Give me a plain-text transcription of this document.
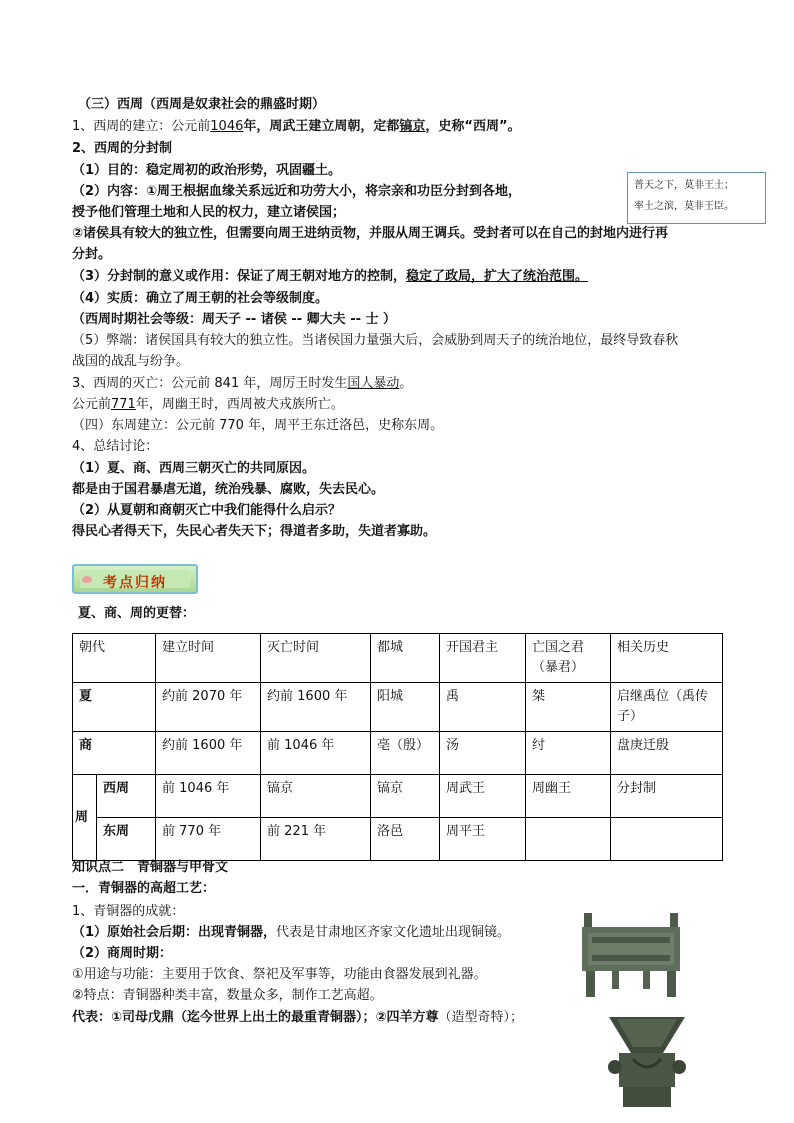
（三）西周（西周是奴隶社会的鼎盛时期）
1、西周的建立：公元前1046年，周武王建立周朝，定都镐京，史称“西周”。
2、西周的分封制
（1）目的：稳定周初的政治形势，巩固疆土。
（2）内容：①周王根据血缘关系远近和功劳大小，将宗亲和功臣分封到各地，
授予他们管理土地和人民的权力，建立诸侯国；
②诸侯具有较大的独立性，但需要向周王进纳贡物，并服从周王调兵。受封者可以在自己的封地内进行再
分封。
（3）分封制的意义或作用：保证了周王朝对地方的控制，稳定了政局，扩大了统治范围。
（4）实质：确立了周王朝的社会等级制度。
（西周时期社会等级：周天子 -- 诸侯 -- 卿大夫 -- 士 ）
（5）弊端：诸侯国具有较大的独立性。当诸侯国力量强大后，会威胁到周天子的统治地位，最终导致春秋
战国的战乱与纷争。
3、西周的灭亡：公元前 841 年，周厉王时发生国人暴动。
公元前771年，周幽王时，西周被犬戎族所亡。
（四）东周建立：公元前 770 年，周平王东迁洛邑，史称东周。
4、总结讨论：
（1）夏、商、西周三朝灭亡的共同原因。
都是由于国君暴虐无道，统治残暴、腐败，失去民心。
（2）从夏朝和商朝灭亡中我们能得什么启示？
得民心者得天下，失民心者失天下；得道者多助，失道者寡助。
普天之下，莫非王土；
率土之滨，莫非王臣。
考点归纳
夏、商、周的更替：
朝代		建立时间	灭亡时间	都城	开国君主	亡国之君（暴君）	相关历史
夏		约前 2070 年	约前 1600 年	阳城	禹	桀	启继禹位（禹传子）
商		约前 1600 年	前 1046 年	亳（殷）	汤	纣	盘庚迁殷
周	西周	前 1046 年	镐京	镐京	周武王	周幽王	分封制
	东周	前 770 年	前 221 年	洛邑	周平王		
知识点二　青铜器与甲骨文
一．青铜器的高超工艺：
1、青铜器的成就：
（1）原始社会后期：出现青铜器，代表是甘肃地区齐家文化遗址出现铜镜。
（2）商周时期：
①用途与功能：主要用于饮食、祭祀及军事等，功能由食器发展到礼器。
②特点：青铜器种类丰富，数量众多，制作工艺高超。
代表：①司母戊鼎（迄今世界上出土的最重青铜器）；②四羊方尊（造型奇特）；
